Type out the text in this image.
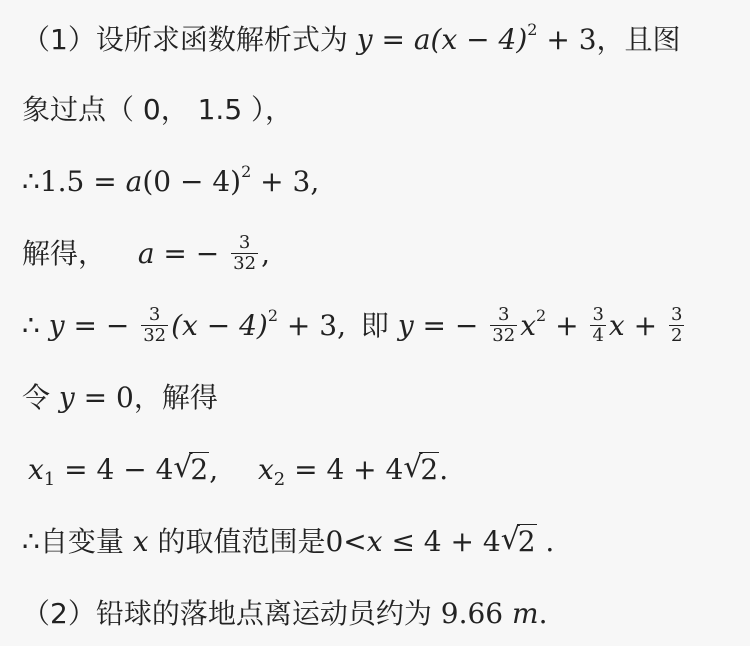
（1）设所求函数解析式为 $y = a(x - 4)^2 + 3$，且图
象过点（ 0， 1.5 ），
∴1.5 = $a(0 - 4)^2 + 3$,
解得， a = − $\frac{3}{32}$ ,
∴ y = − $\frac{3}{32} (x - 4)^2 + 3$, 即 y = − $\frac{3}{32} x^2 + \frac{3}{4}$ $x + \frac{3}{2}$
令 y = 0，解得
$x_1 = 4 - 4$ √
2, $x_2 = 4 + 4$ √
2.
∴自变量 x 的取值范围是0<x ≤ 4 + 4 √
2 .
（2）铅球的落地点离运动员约为 9.66 m.
